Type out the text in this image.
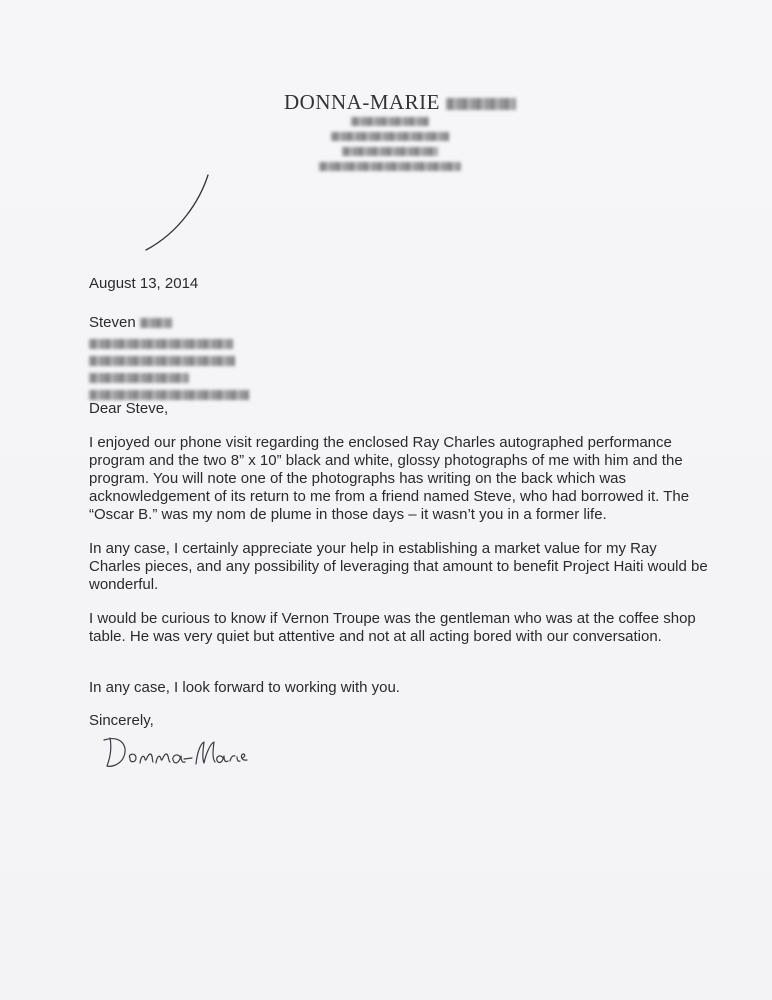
DONNA-MARIE
August 13, 2014
Steven
Dear Steve,

I enjoyed our phone visit regarding the enclosed Ray Charles autographed performance program and the two 8” x 10” black and white, glossy photographs of me with him and the program. You will note one of the photographs has writing on the back which was acknowledgement of its return to me from a friend named Steve, who had borrowed it. The “Oscar B.” was my nom de plume in those days – it wasn’t you in a former life.

In any case, I certainly appreciate your help in establishing a market value for my Ray Charles pieces, and any possibility of leveraging that amount to benefit Project Haiti would be wonderful.

I would be curious to know if Vernon Troupe was the gentleman who was at the coffee shop table. He was very quiet but attentive and not at all acting bored with our conversation.

In any case, I look forward to working with you.

Sincerely,
